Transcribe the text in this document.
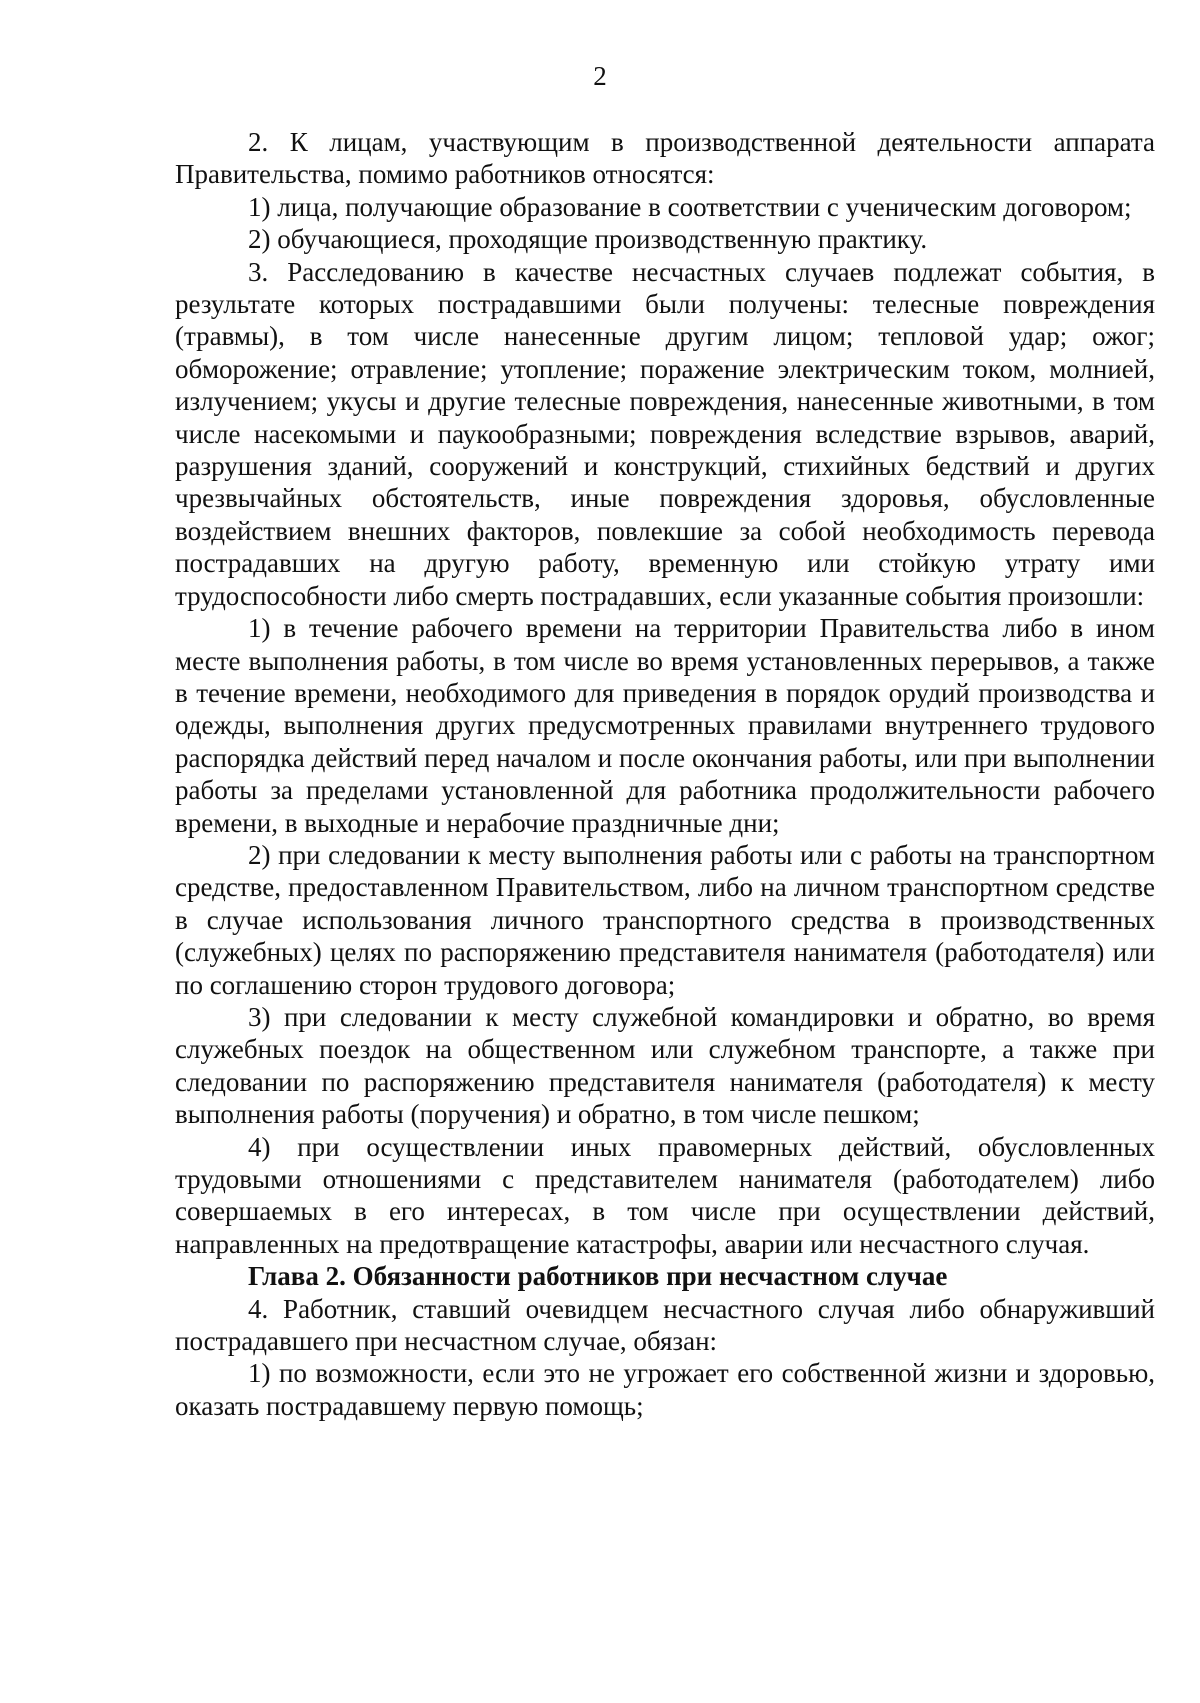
2

2. К лицам, участвующим в производственной деятельности аппарата Правительства, помимо работников относятся:

1) лица, получающие образование в соответствии с ученическим договором;

2) обучающиеся, проходящие производственную практику.

3. Расследованию в качестве несчастных случаев подлежат события, в результате которых пострадавшими были получены: телесные повреждения (травмы), в том числе нанесенные другим лицом; тепловой удар; ожог; обморожение; отравление; утопление; поражение электрическим током, молнией, излучением; укусы и другие телесные повреждения, нанесенные животными, в том числе насекомыми и паукообразными; повреждения вследствие взрывов, аварий, разрушения зданий, сооружений и конструкций, стихийных бедствий и других чрезвычайных обстоятельств, иные повреждения здоровья, обусловленные воздействием внешних факторов, повлекшие за собой необходимость перевода пострадавших на другую работу, временную или стойкую утрату ими трудоспособности либо смерть пострадавших, если указанные события произошли:

1) в течение рабочего времени на территории Правительства либо в ином месте выполнения работы, в том числе во время установленных перерывов, а также в течение времени, необходимого для приведения в порядок орудий производства и одежды, выполнения других предусмотренных правилами внутреннего трудового распорядка действий перед началом и после окончания работы, или при выполнении работы за пределами установленной для работника продолжительности рабочего времени, в выходные и нерабочие праздничные дни;

2) при следовании к месту выполнения работы или с работы на транспортном средстве, предоставленном Правительством, либо на личном транспортном средстве в случае использования личного транспортного средства в производственных (служебных) целях по распоряжению представителя нанимателя (работодателя) или по соглашению сторон трудового договора;

3) при следовании к месту служебной командировки и обратно, во время служебных поездок на общественном или служебном транспорте, а также при следовании по распоряжению представителя нанимателя (работодателя) к месту выполнения работы (поручения) и обратно, в том числе пешком;

4) при осуществлении иных правомерных действий, обусловленных трудовыми отношениями с представителем нанимателя (работодателем) либо совершаемых в его интересах, в том числе при осуществлении действий, направленных на предотвращение катастрофы, аварии или несчастного случая.

Глава 2. Обязанности работников при несчастном случае

4. Работник, ставший очевидцем несчастного случая либо обнаруживший пострадавшего при несчастном случае, обязан:

1) по возможности, если это не угрожает его собственной жизни и здоровью, оказать пострадавшему первую помощь;
